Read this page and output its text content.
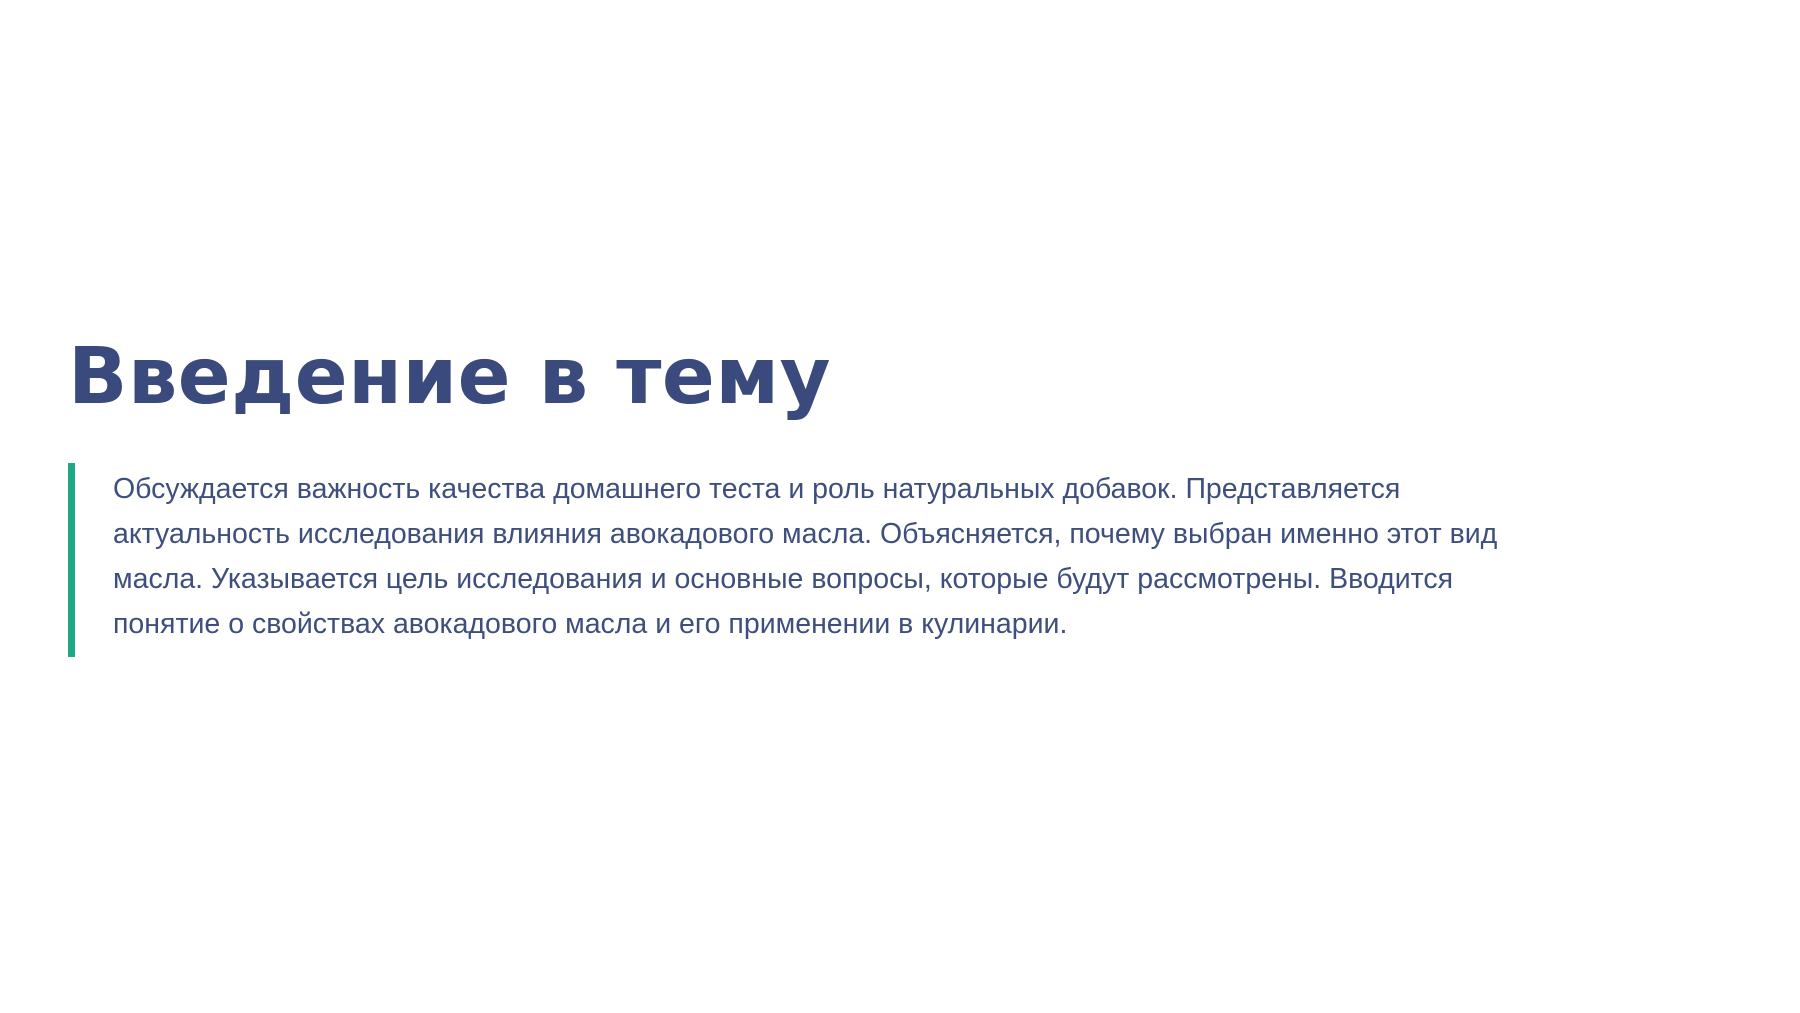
Введение в тему

Обсуждается важность качества домашнего теста и роль натуральных добавок. Представляется актуальность исследования влияния авокадового масла. Объясняется, почему выбран именно этот вид масла. Указывается цель исследования и основные вопросы, которые будут рассмотрены. Вводится понятие о свойствах авокадового масла и его применении в кулинарии.
